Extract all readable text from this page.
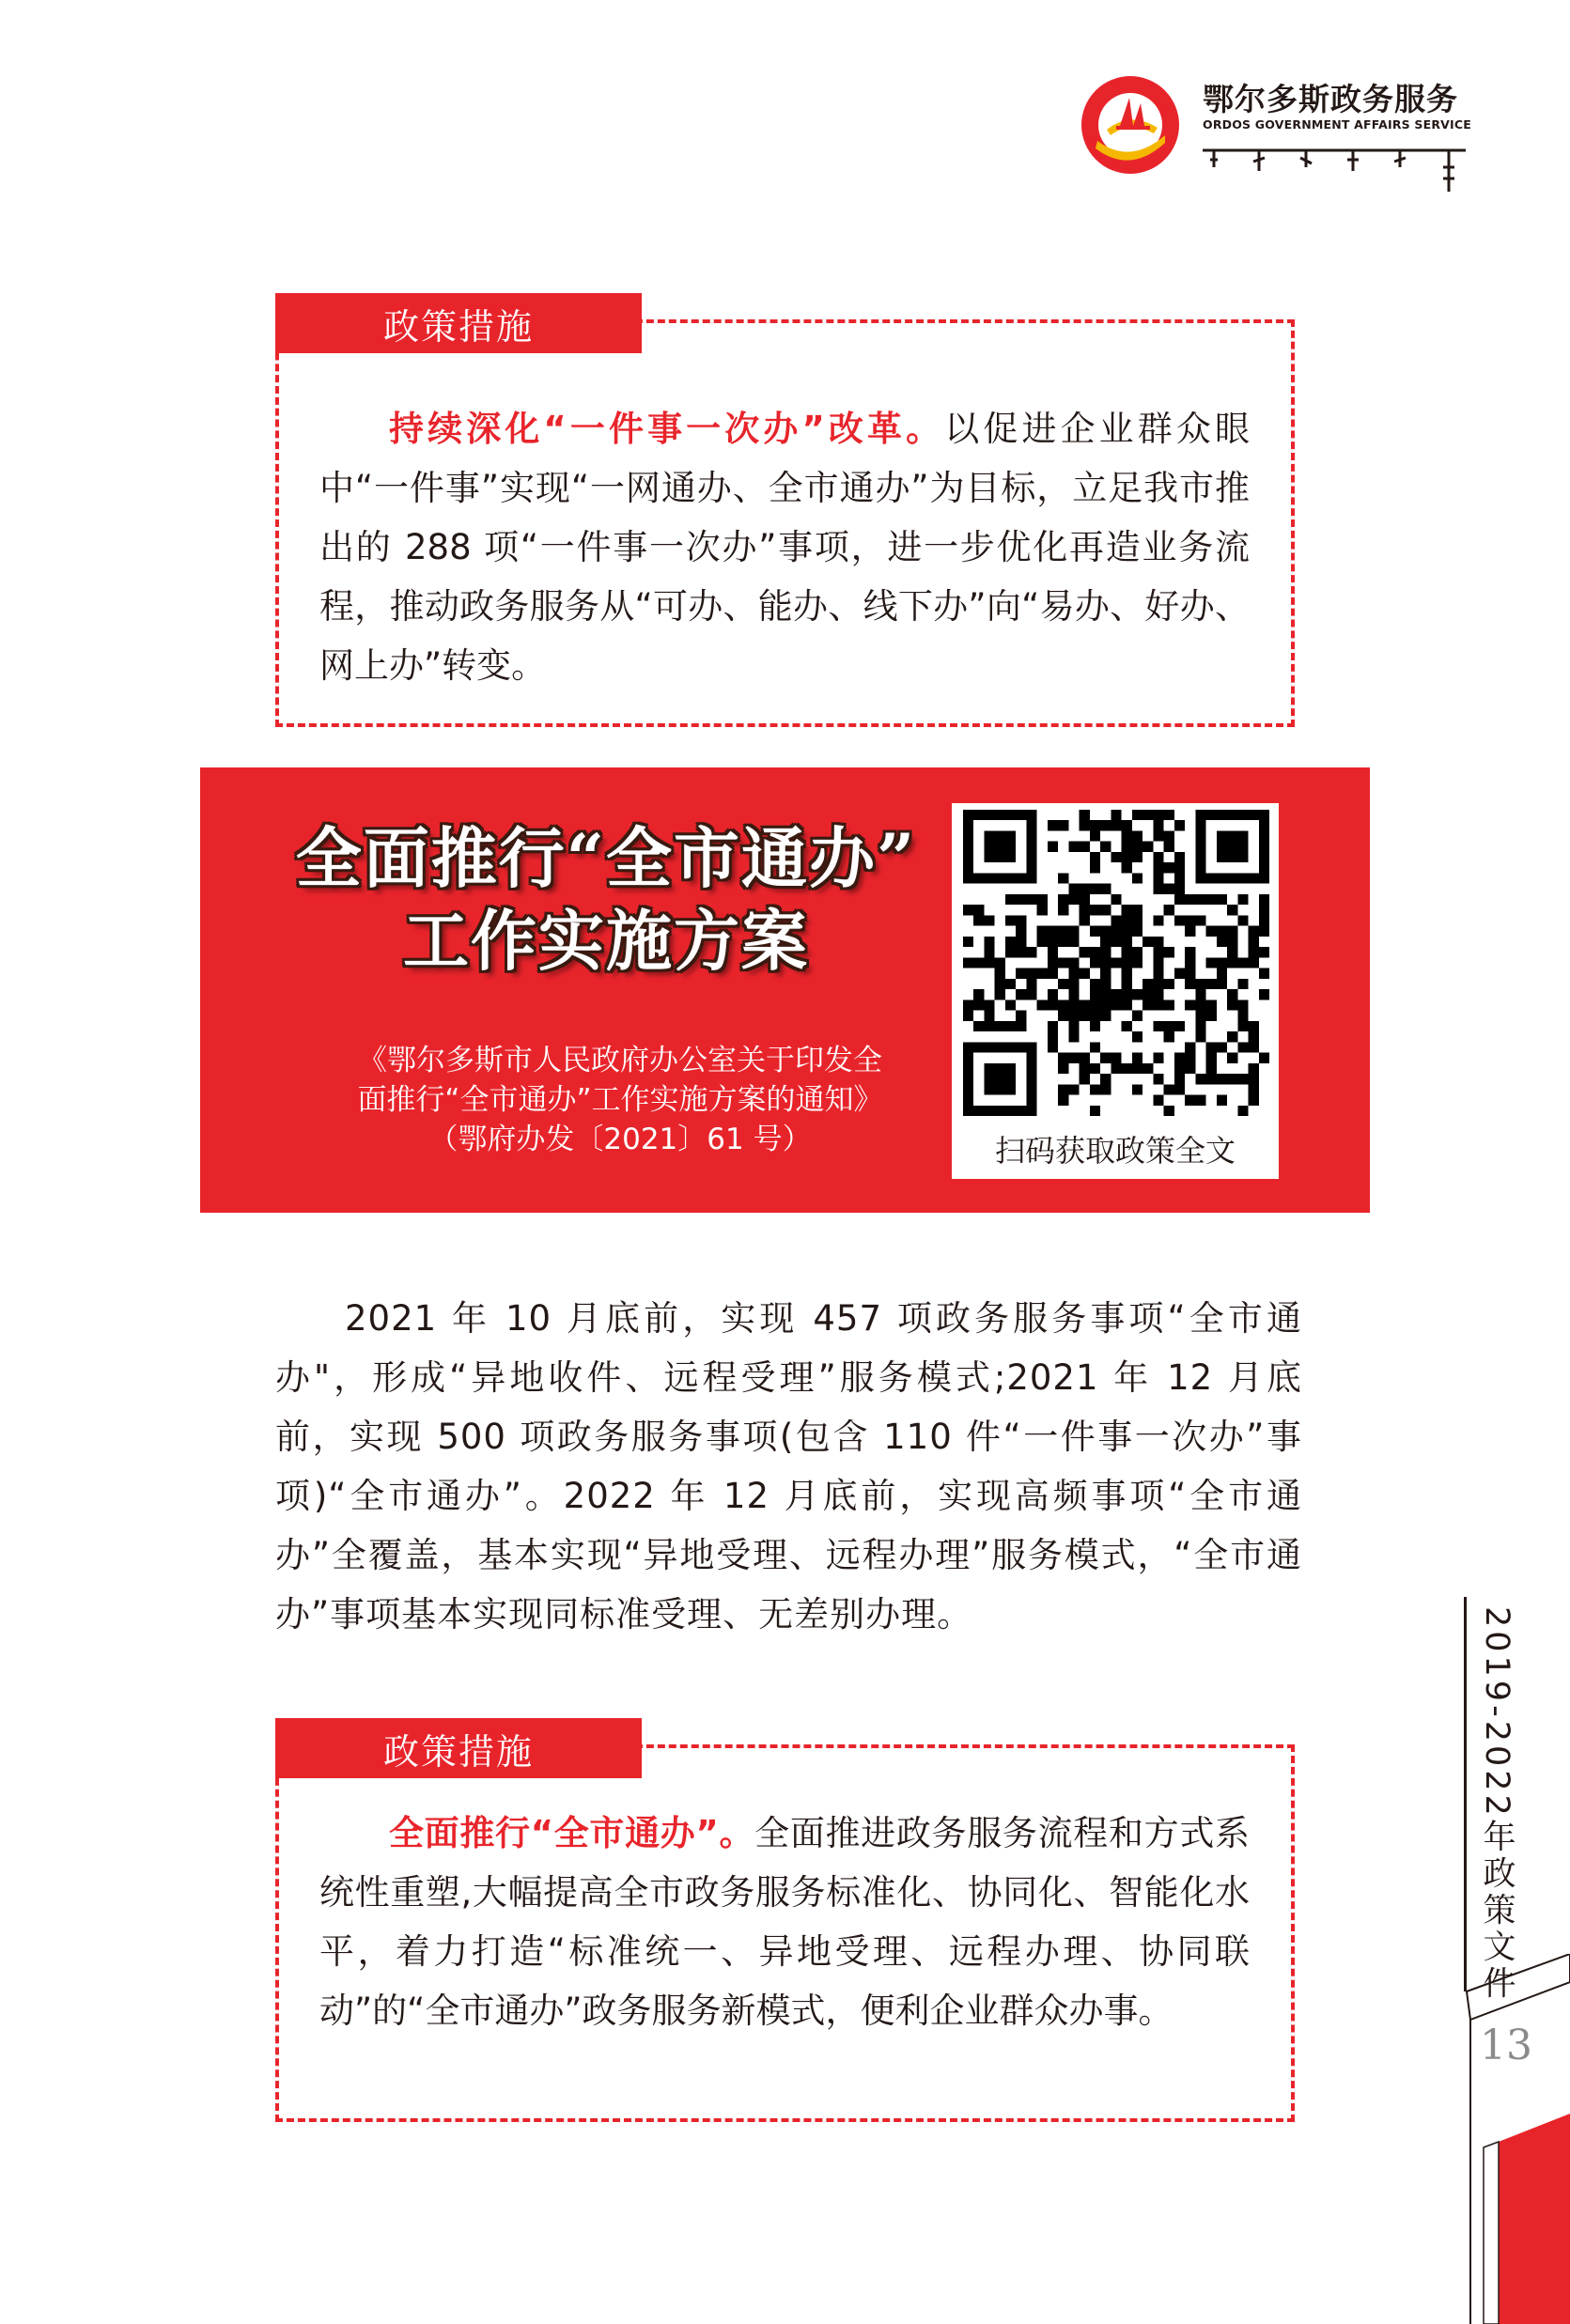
鄂尔多斯政务服务
ORDOS GOVERNMENT AFFAIRS SERVICE
政策措施
持续深化“一件事一次办”改革。以促进企业群众眼中“一件事”实现“一网通办、全市通办”为目标，立足我市推出的 288 项“一件事一次办”事项，进一步优化再造业务流程，推动政务服务从“可办、能办、线下办”向“易办、好办、网上办”转变。
全面推行“全市通办”
工作实施方案
《鄂尔多斯市人民政府办公室关于印发全
面推行“全市通办”工作实施方案的通知》
（鄂府办发〔2021〕61 号）	扫码获取政策全文
2021 年 10 月底前，实现 457 项政务服务事项“全市通办"，形成“异地收件、远程受理”服务模式;2021 年 12 月底前，实现 500 项政务服务事项(包含 110 件“一件事一次办”事项)“全市通办”。2022 年 12 月底前，实现高频事项“全市通办”全覆盖，基本实现“异地受理、远程办理”服务模式，“全市通办”事项基本实现同标准受理、无差别办理。
政策措施
全面推行“全市通办”。全面推进政务服务流程和方式系统性重塑,大幅提高全市政务服务标准化、协同化、智能化水平，着力打造“标准统一、异地受理、远程办理、协同联动”的“全市通办”政务服务新模式，便利企业群众办事。
2019-2022年政策文件
13
